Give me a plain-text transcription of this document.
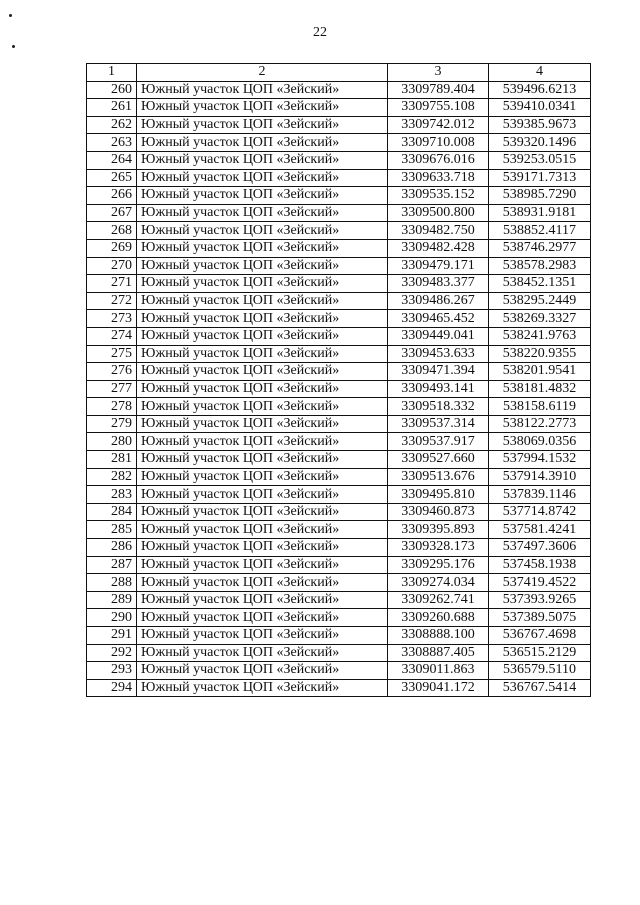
22
1	2	3	4
260	Южный участок ЦОП «Зейский»	3309789.404	539496.6213
261	Южный участок ЦОП «Зейский»	3309755.108	539410.0341
262	Южный участок ЦОП «Зейский»	3309742.012	539385.9673
263	Южный участок ЦОП «Зейский»	3309710.008	539320.1496
264	Южный участок ЦОП «Зейский»	3309676.016	539253.0515
265	Южный участок ЦОП «Зейский»	3309633.718	539171.7313
266	Южный участок ЦОП «Зейский»	3309535.152	538985.7290
267	Южный участок ЦОП «Зейский»	3309500.800	538931.9181
268	Южный участок ЦОП «Зейский»	3309482.750	538852.4117
269	Южный участок ЦОП «Зейский»	3309482.428	538746.2977
270	Южный участок ЦОП «Зейский»	3309479.171	538578.2983
271	Южный участок ЦОП «Зейский»	3309483.377	538452.1351
272	Южный участок ЦОП «Зейский»	3309486.267	538295.2449
273	Южный участок ЦОП «Зейский»	3309465.452	538269.3327
274	Южный участок ЦОП «Зейский»	3309449.041	538241.9763
275	Южный участок ЦОП «Зейский»	3309453.633	538220.9355
276	Южный участок ЦОП «Зейский»	3309471.394	538201.9541
277	Южный участок ЦОП «Зейский»	3309493.141	538181.4832
278	Южный участок ЦОП «Зейский»	3309518.332	538158.6119
279	Южный участок ЦОП «Зейский»	3309537.314	538122.2773
280	Южный участок ЦОП «Зейский»	3309537.917	538069.0356
281	Южный участок ЦОП «Зейский»	3309527.660	537994.1532
282	Южный участок ЦОП «Зейский»	3309513.676	537914.3910
283	Южный участок ЦОП «Зейский»	3309495.810	537839.1146
284	Южный участок ЦОП «Зейский»	3309460.873	537714.8742
285	Южный участок ЦОП «Зейский»	3309395.893	537581.4241
286	Южный участок ЦОП «Зейский»	3309328.173	537497.3606
287	Южный участок ЦОП «Зейский»	3309295.176	537458.1938
288	Южный участок ЦОП «Зейский»	3309274.034	537419.4522
289	Южный участок ЦОП «Зейский»	3309262.741	537393.9265
290	Южный участок ЦОП «Зейский»	3309260.688	537389.5075
291	Южный участок ЦОП «Зейский»	3308888.100	536767.4698
292	Южный участок ЦОП «Зейский»	3308887.405	536515.2129
293	Южный участок ЦОП «Зейский»	3309011.863	536579.5110
294	Южный участок ЦОП «Зейский»	3309041.172	536767.5414
